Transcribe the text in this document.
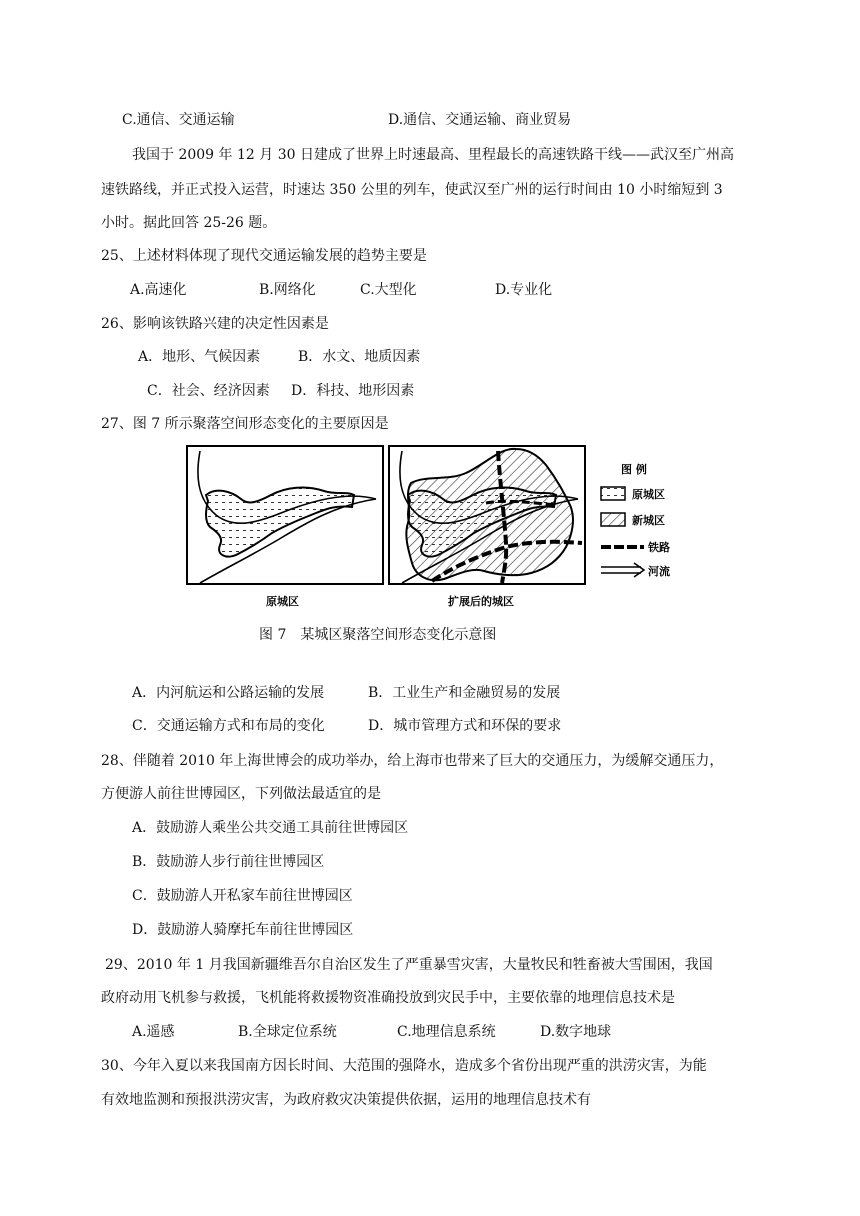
C.通信、交通运输	D.通信、交通运输、商业贸易
我国于 2009 年 12 月 30 日建成了世界上时速最高、里程最长的高速铁路干线——武汉至广州高
速铁路线，并正式投入运营，时速达 350 公里的列车，使武汉至广州的运行时间由 10 小时缩短到 3
小时。据此回答 25-26 题。
25、上述材料体现了现代交通运输发展的趋势主要是
A.高速化	B.网络化	C.大型化	D.专业化
26、影响该铁路兴建的决定性因素是
A．地形、气候因素	B．水文、地质因素
C．社会、经济因素 D．科技、地形因素
27、图 7 所示聚落空间形态变化的主要原因是
原城区	扩展后的城区
图 例
原城区
新城区
铁路
河流
图 7　某城区聚落空间形态变化示意图
A．内河航运和公路运输的发展	B．工业生产和金融贸易的发展
C．交通运输方式和布局的变化	D．城市管理方式和环保的要求
28、伴随着 2010 年上海世博会的成功举办，给上海市也带来了巨大的交通压力，为缓解交通压力，
方便游人前往世博园区，下列做法最适宜的是
A．鼓励游人乘坐公共交通工具前往世博园区
B．鼓励游人步行前往世博园区
C．鼓励游人开私家车前往世博园区
D．鼓励游人骑摩托车前往世博园区
29、2010 年 1 月我国新疆维吾尔自治区发生了严重暴雪灾害，大量牧民和牲畜被大雪围困，我国
政府动用飞机参与救援，飞机能将救援物资准确投放到灾民手中，主要依靠的地理信息技术是
A.遥感	B.全球定位系统	C.地理信息系统	D.数字地球
30、今年入夏以来我国南方因长时间、大范围的强降水，造成多个省份出现严重的洪涝灾害，为能
有效地监测和预报洪涝灾害，为政府救灾决策提供依据，运用的地理信息技术有
